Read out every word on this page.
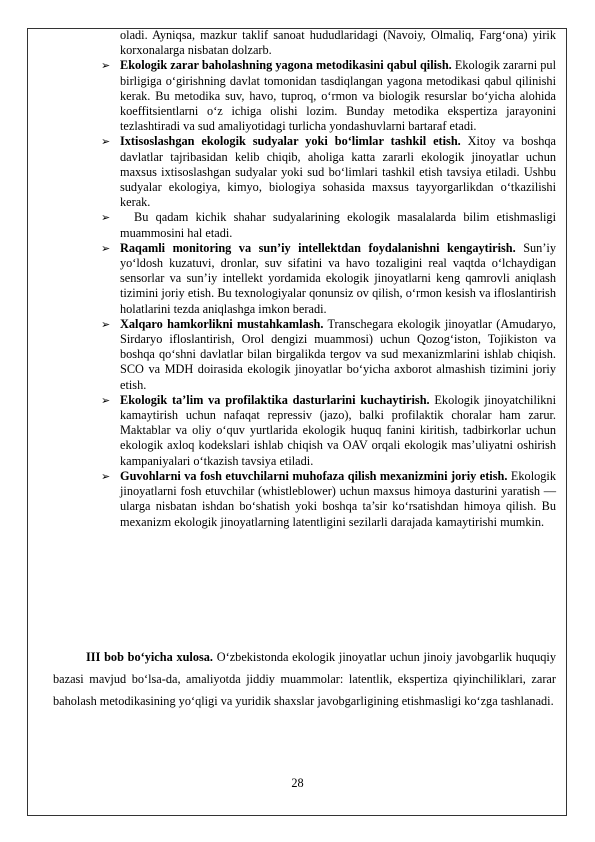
oladi. Ayniqsa, mazkur taklif sanoat hududlaridagi (Navoiy, Olmaliq, Farg‘ona) yirik korxonalarga nisbatan dolzarb.

➢ Ekologik zarar baholashning yagona metodikasini qabul qilish. Ekologik zararni pul birligiga o‘girishning davlat tomonidan tasdiqlangan yagona metodikasi qabul qilinishi kerak. Bu metodika suv, havo, tuproq, o‘rmon va biologik resurslar bo‘yicha alohida koeffitsientlarni o‘z ichiga olishi lozim. Bunday metodika ekspertiza jarayonini tezlashtiradi va sud amaliyotidagi turlicha yondashuvlarni bartaraf etadi.
➢ Ixtisoslashgan ekologik sudyalar yoki bo‘limlar tashkil etish. Xitoy va boshqa davlatlar tajribasidan kelib chiqib, aholiga katta zararli ekologik jinoyatlar uchun maxsus ixtisoslashgan sudyalar yoki sud bo‘limlari tashkil etish tavsiya etiladi. Ushbu sudyalar ekologiya, kimyo, biologiya sohasida maxsus tayyorgarlikdan o‘tkazilishi kerak.
➢ Bu qadam kichik shahar sudyalarining ekologik masalalarda bilim etishmasligi muammosini hal etadi.
➢ Raqamli monitoring va sun’iy intellektdan foydalanishni kengaytirish. Sun’iy yo‘ldosh kuzatuvi, dronlar, suv sifatini va havo tozaligini real vaqtda o‘lchaydigan sensorlar va sun’iy intellekt yordamida ekologik jinoyatlarni keng qamrovli aniqlash tizimini joriy etish. Bu texnologiyalar qonunsiz ov qilish, o‘rmon kesish va ifloslantirish holatlarini tezda aniqlashga imkon beradi.
➢ Xalqaro hamkorlikni mustahkamlash. Transchegara ekologik jinoyatlar (Amudaryo, Sirdaryo ifloslantirish, Orol dengizi muammosi) uchun Qozog‘iston, Tojikiston va boshqa qo‘shni davlatlar bilan birgalikda tergov va sud mexanizmlarini ishlab chiqish. SCO va MDH doirasida ekologik jinoyatlar bo‘yicha axborot almashish tizimini joriy etish.
➢ Ekologik ta’lim va profilaktika dasturlarini kuchaytirish. Ekologik jinoyatchilikni kamaytirish uchun nafaqat repressiv (jazo), balki profilaktik choralar ham zarur. Maktablar va oliy o‘quv yurtlarida ekologik huquq fanini kiritish, tadbirkorlar uchun ekologik axloq kodekslari ishlab chiqish va OAV orqali ekologik mas’uliyatni oshirish kampaniyalari o‘tkazish tavsiya etiladi.
➢ Guvohlarni va fosh etuvchilarni muhofaza qilish mexanizmini joriy etish. Ekologik jinoyatlarni fosh etuvchilar (whistleblower) uchun maxsus himoya dasturini yaratish — ularga nisbatan ishdan bo‘shatish yoki boshqa ta’sir ko‘rsatishdan himoya qilish. Bu mexanizm ekologik jinoyatlarning latentligini sezilarli darajada kamaytirishi mumkin.

III bob bo‘yicha xulosa. O‘zbekistonda ekologik jinoyatlar uchun jinoiy javobgarlik huquqiy bazasi mavjud bo‘lsa-da, amaliyotda jiddiy muammolar: latentlik, ekspertiza qiyinchiliklari, zarar baholash metodikasining yo‘qligi va yuridik shaxslar javobgarligining etishmasligi ko‘zga tashlanadi.

28
